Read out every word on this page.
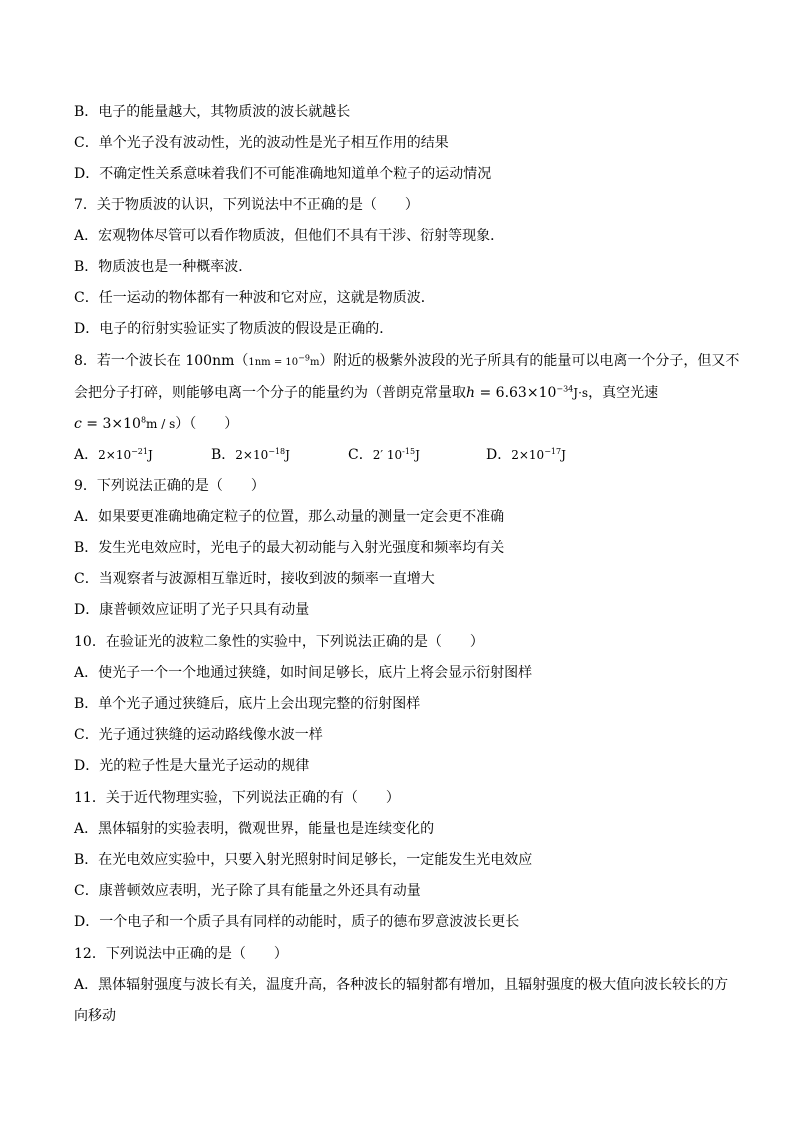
B．电子的能量越大，其物质波的波长就越长
C．单个光子没有波动性，光的波动性是光子相互作用的结果
D．不确定性关系意味着我们不可能准确地知道单个粒子的运动情况
7．关于物质波的认识，下列说法中不正确的是（　　）
A．宏观物体尽管可以看作物质波，但他们不具有干涉、衍射等现象．
B．物质波也是一种概率波．
C．任一运动的物体都有一种波和它对应，这就是物质波．
D．电子的衍射实验证实了物质波的假设是正确的．
8．若一个波长在 $100nm(1nm = 10^{-9}m)$附近的极紫外波段的光子所具有的能量可以电离一个分子，但又不
会把分子打碎，则能够电离一个分子的能量约为（普朗克常量取$h = 6.63\times 10^{-34}J\cdot s$，真空光速
$c = 3\times 10^8m / s$）（　　）
A．$2\times 10^{-21}J$	B．$2\times 10^{-18}J$	C．2′ $10^{-15}J$	D．$2\times 10^{-17}J$
9．下列说法正确的是（　　）
A．如果要更准确地确定粒子的位置，那么动量的测量一定会更不准确
B．发生光电效应时，光电子的最大初动能与入射光强度和频率均有关
C．当观察者与波源相互靠近时，接收到波的频率一直增大
D．康普顿效应证明了光子只具有动量
10．在验证光的波粒二象性的实验中，下列说法正确的是（　　）
A．使光子一个一个地通过狭缝，如时间足够长，底片上将会显示衍射图样
B．单个光子通过狭缝后，底片上会出现完整的衍射图样
C．光子通过狭缝的运动路线像水波一样
D．光的粒子性是大量光子运动的规律
11．关于近代物理实验，下列说法正确的有（　　）
A．黑体辐射的实验表明，微观世界，能量也是连续变化的
B．在光电效应实验中，只要入射光照射时间足够长，一定能发生光电效应
C．康普顿效应表明，光子除了具有能量之外还具有动量
D．一个电子和一个质子具有同样的动能时，质子的德布罗意波波长更长
12．下列说法中正确的是（　　）
A．黑体辐射强度与波长有关，温度升高，各种波长的辐射都有增加，且辐射强度的极大值向波长较长的方
向移动
